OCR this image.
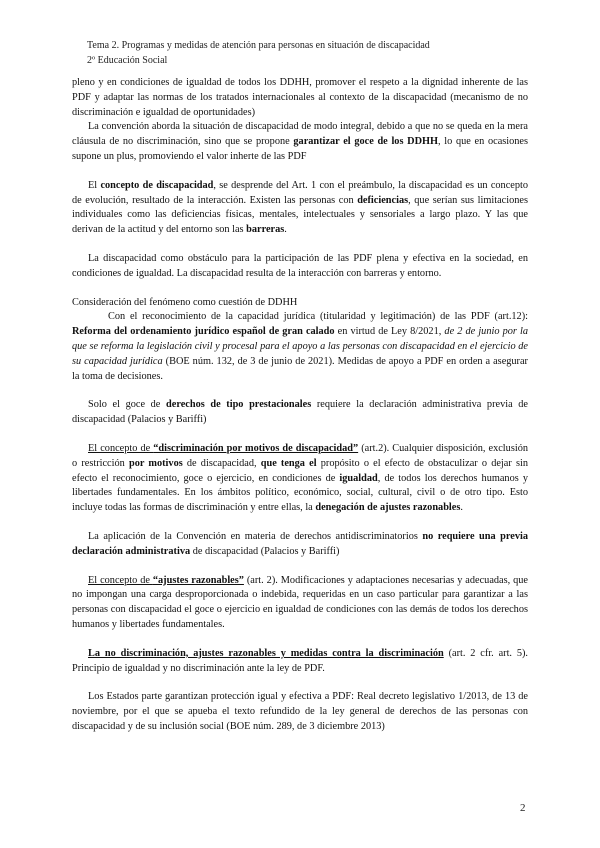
Tema 2. Programas y medidas de atención para personas en situación de discapacidad
2º Educación Social

pleno y en condiciones de igualdad de todos los DDHH, promover el respeto a la dignidad inherente de las PDF y adaptar las normas de los tratados internacionales al contexto de la discapacidad (mecanismo de no discriminación e igualdad de oportunidades)

La convención aborda la situación de discapacidad de modo integral, debido a que no se queda en la mera cláusula de no discriminación, sino que se propone garantizar el goce de los DDHH, lo que en ocasiones supone un plus, promoviendo el valor inherte de las PDF

El concepto de discapacidad, se desprende del Art. 1 con el preámbulo, la discapacidad es un concepto de evolución, resultado de la interacción. Existen las personas con deficiencias, que serían sus limitaciones individuales como las deficiencias físicas, mentales, intelectuales y sensoriales a largo plazo. Y las que derivan de la actitud y del entorno son las barreras.

La discapacidad como obstáculo para la participación de las PDF plena y efectiva en la sociedad, en condiciones de igualdad. La discapacidad resulta de la interacción con barreras y entorno.

Consideración del fenómeno como cuestión de DDHH

Con el reconocimiento de la capacidad jurídica (titularidad y legitimación) de las PDF (art.12): Reforma del ordenamiento jurídico español de gran calado en virtud de Ley 8/2021, de 2 de junio por la que se reforma la legislación civil y procesal para el apoyo a las personas con discapacidad en el ejercicio de su capacidad jurídica (BOE núm. 132, de 3 de junio de 2021). Medidas de apoyo a PDF en orden a asegurar la toma de decisiones.

Solo el goce de derechos de tipo prestacionales requiere la declaración administrativa previa de discapacidad (Palacios y Bariffi)

El concepto de “discriminación por motivos de discapacidad” (art.2). Cualquier disposición, exclusión o restricción por motivos de discapacidad, que tenga el propósito o el efecto de obstaculizar o dejar sin efecto el reconocimiento, goce o ejercicio, en condiciones de igualdad, de todos los derechos humanos y libertades fundamentales. En los ámbitos político, económico, social, cultural, civil o de otro tipo. Esto incluye todas las formas de discriminación y entre ellas, la denegación de ajustes razonables.

La aplicación de la Convención en materia de derechos antidiscriminatorios no requiere una previa declaración administrativa de discapacidad (Palacios y Bariffi)

El concepto de “ajustes razonables” (art. 2). Modificaciones y adaptaciones necesarias y adecuadas, que no impongan una carga desproporcionada o indebida, requeridas en un caso particular para garantizar a las personas con discapacidad el goce o ejercicio en igualdad de condiciones con las demás de todos los derechos humanos y libertades fundamentales.

La no discriminación, ajustes razonables y medidas contra la discriminación (art. 2 cfr. art. 5). Principio de igualdad y no discriminación ante la ley de PDF.

Los Estados parte garantizan protección igual y efectiva a PDF: Real decreto legislativo 1/2013, de 13 de noviembre, por el que se apueba el texto refundido de la ley general de derechos de las personas con discapacidad y de su inclusión social (BOE núm. 289, de 3 diciembre 2013)

2
